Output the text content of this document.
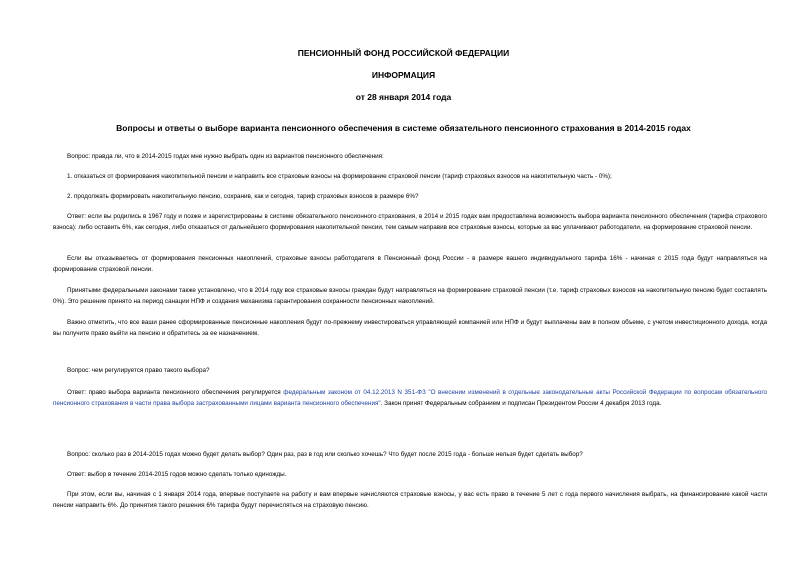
ПЕНСИОННЫЙ ФОНД РОССИЙСКОЙ ФЕДЕРАЦИИ
ИНФОРМАЦИЯ
от 28 января 2014 года
Вопросы и ответы о выборе варианта пенсионного обеспечения в системе обязательного пенсионного страхования в 2014-2015 годах

Вопрос: правда ли, что в 2014-2015 годах мне нужно выбрать один из вариантов пенсионного обеспечения:

1. отказаться от формирования накопительной пенсии и направить все страховые взносы на формирование страховой пенсии (тариф страховых взносов на накопительную часть - 0%);

2. продолжать формировать накопительную пенсию, сохранив, как и сегодня, тариф страховых взносов в размере 6%?

Ответ: если вы родились в 1967 году и позже и зарегистрированы в системе обязательного пенсионного страхования, в 2014 и 2015 годах вам предоставлена возможность выбора варианта пенсионного обеспечения (тарифа страхового взноса): либо оставить 6%, как сегодня, либо отказаться от дальнейшего формирования накопительной пенсии, тем самым направив все страховые взносы, которые за вас уплачивают работодатели, на формирование страховой пенсии.

Если вы отказываетесь от формирования пенсионных накоплений, страховые взносы работодателя в Пенсионный фонд России - в размере вашего индивидуального тарифа 16% - начиная с 2015 года будут направляться на формирование страховой пенсии.

Принятыми федеральными законами также установлено, что в 2014 году все страховые взносы граждан будут направляться на формирование страховой пенсии (т.е. тариф страховых взносов на накопительную пенсию будет составлять 0%). Это решение принято на период санации НПФ и создания механизма гарантирования сохранности пенсионных накоплений.

Важно отметить, что все ваши ранее сформированные пенсионные накопления будут по-прежнему инвестироваться управляющей компанией или НПФ и будут выплачены вам в полном объеме, с учетом инвестиционного дохода, когда вы получите право выйти на пенсию и обратитесь за ее назначением.

Вопрос: чем регулируется право такого выбора?

Ответ: право выбора варианта пенсионного обеспечения регулируется федеральным законом от 04.12.2013 N 351-ФЗ "О внесении изменений в отдельные законодательные акты Российской Федерации по вопросам обязательного пенсионного страхования в части права выбора застрахованными лицами варианта пенсионного обеспечения". Закон принят Федеральным собранием и подписан Президентом России 4 декабря 2013 года.

Вопрос: сколько раз в 2014-2015 годах можно будет делать выбор? Один раз, раз в год или сколько хочешь? Что будет после 2015 года - больше нельзя будет сделать выбор?

Ответ: выбор в течение 2014-2015 годов можно сделать только единожды.

При этом, если вы, начиная с 1 января 2014 года, впервые поступаете на работу и вам впервые начисляются страховые взносы, у вас есть право в течение 5 лет с года первого начисления выбрать, на финансирование какой части пенсии направить 6%. До принятия такого решения 6% тарифа будут перечисляться на страховую пенсию.
